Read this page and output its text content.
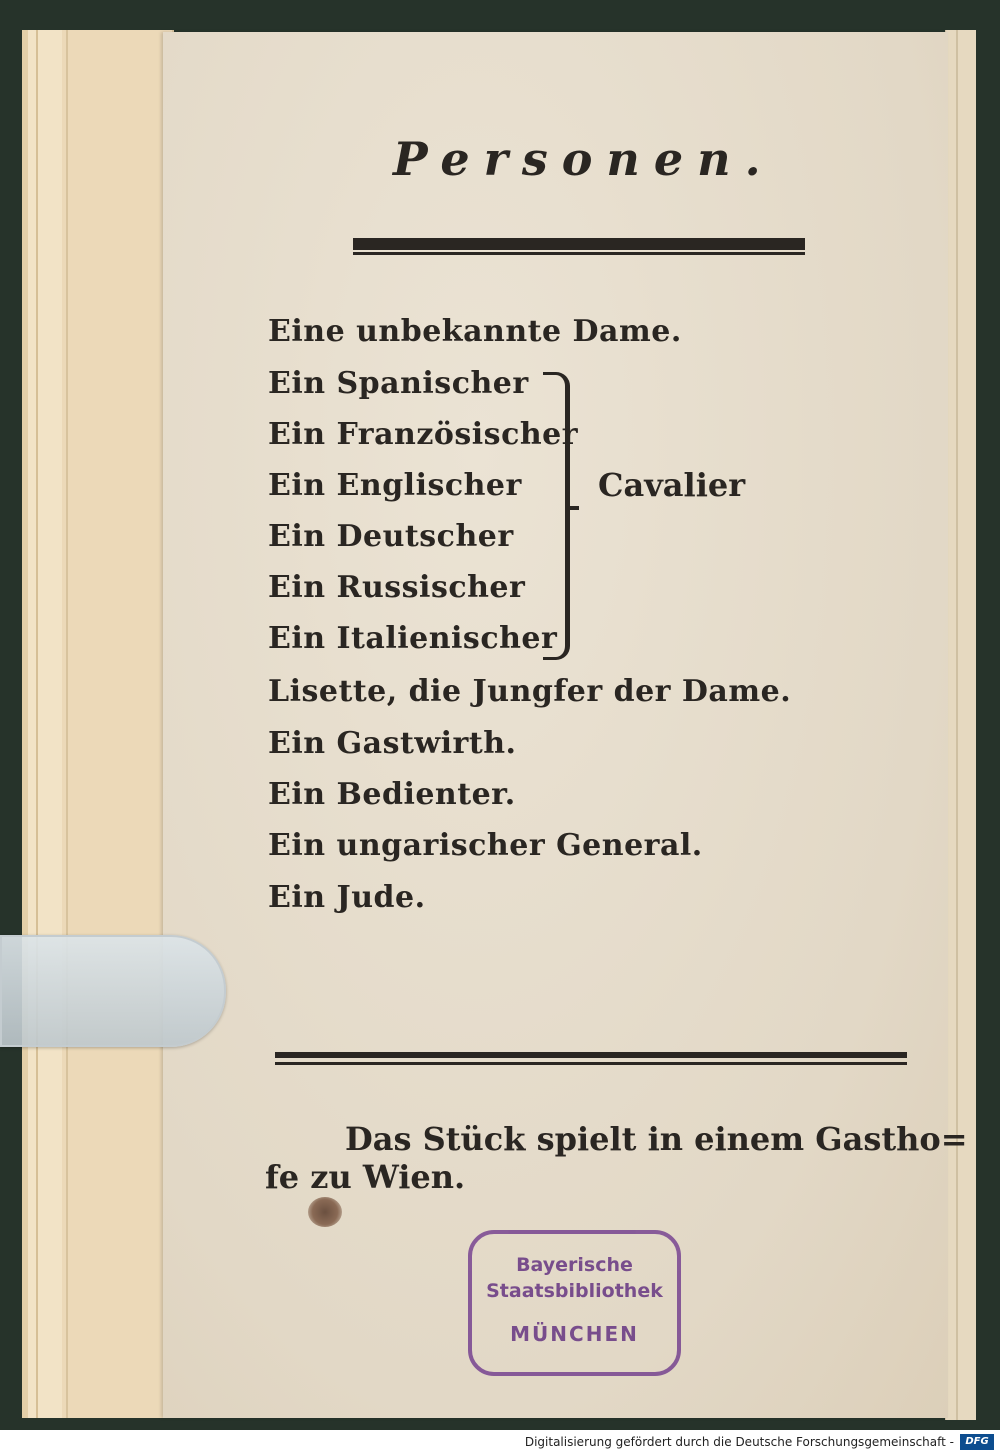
Personen.
Eine unbekannte Dame.
Ein Spanischer
Ein Französischer
Ein Englischer
Ein Deutscher
Ein Russischer
Ein Italienischer
Cavalier
Lisette, die Jungfer der Dame.
Ein Gastwirth.
Ein Bedienter.
Ein ungarischer General.
Ein Jude.
Das Stück spielt in einem Gastho=
fe zu Wien.
Bayerische
Staatsbibliothek
MÜNCHEN
Digitalisierung gefördert durch die Deutsche Forschungsgemeinschaft -	DFG
